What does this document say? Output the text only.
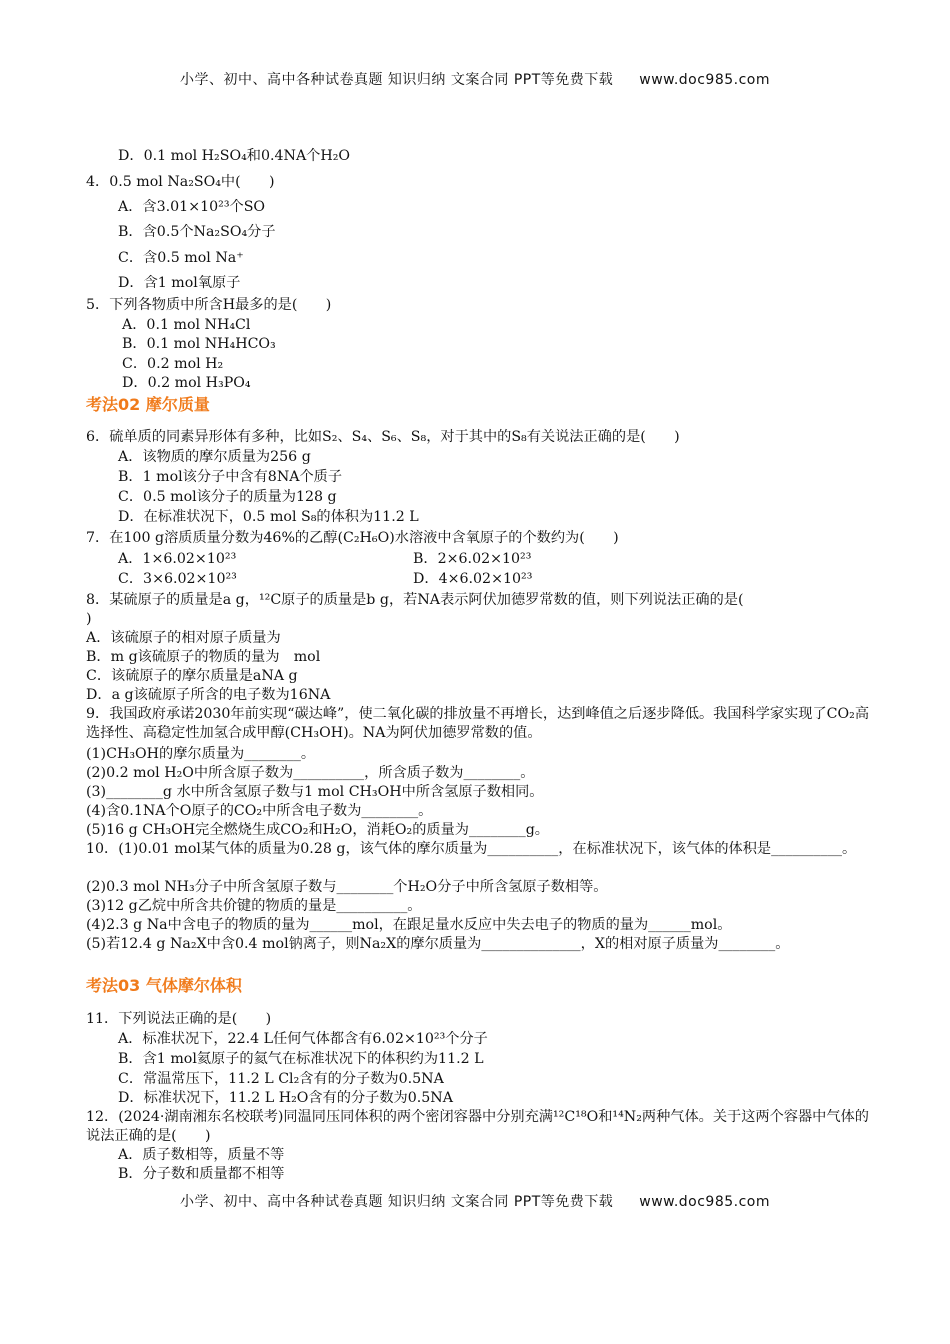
小学、初中、高中各种试卷真题 知识归纳 文案合同 PPT等免费下载 www.doc985.com
D．0.1 mol H₂SO₄和0.4NA个H₂O
4．0.5 mol Na₂SO₄中(　　)
A．含3.01×10²³个SO
B．含0.5个Na₂SO₄分子
C．含0.5 mol Na⁺
D．含1 mol氧原子
5．下列各物质中所含H最多的是(　　)
A．0.1 mol NH₄Cl
B．0.1 mol NH₄HCO₃
C．0.2 mol H₂
D．0.2 mol H₃PO₄
考法02 摩尔质量
6．硫单质的同素异形体有多种，比如S₂、S₄、S₆、S₈，对于其中的S₈有关说法正确的是(　　)
A．该物质的摩尔质量为256 g
B．1 mol该分子中含有8NA个质子
C．0.5 mol该分子的质量为128 g
D．在标准状况下，0.5 mol S₈的体积为11.2 L
7．在100 g溶质质量分数为46%的乙醇(C₂H₆O)水溶液中含氧原子的个数约为(　　)
A．1×6.02×10²³	B．2×6.02×10²³
C．3×6.02×10²³	D．4×6.02×10²³
8．某硫原子的质量是a g，¹²C原子的质量是b g，若NA表示阿伏加德罗常数的值，则下列说法正确的是(
)
A．该硫原子的相对原子质量为
B．m g该硫原子的物质的量为　mol
C．该硫原子的摩尔质量是aNA g
D．a g该硫原子所含的电子数为16NA
9．我国政府承诺2030年前实现“碳达峰”，使二氧化碳的排放量不再增长，达到峰值之后逐步降低。我国科学家实现了CO₂高选择性、高稳定性加氢合成甲醇(CH₃OH)。NA为阿伏加德罗常数的值。
(1)CH₃OH的摩尔质量为________。
(2)0.2 mol H₂O中所含原子数为__________，所含质子数为________。
(3)________g 水中所含氢原子数与1 mol CH₃OH中所含氢原子数相同。
(4)含0.1NA个O原子的CO₂中所含电子数为________。
(5)16 g CH₃OH完全燃烧生成CO₂和H₂O，消耗O₂的质量为________g。
10．(1)0.01 mol某气体的质量为0.28 g，该气体的摩尔质量为__________，在标准状况下，该气体的体积是__________。
(2)0.3 mol NH₃分子中所含氢原子数与________个H₂O分子中所含氢原子数相等。
(3)12 g乙烷中所含共价键的物质的量是__________。
(4)2.3 g Na中含电子的物质的量为______mol，在跟足量水反应中失去电子的物质的量为______mol。
(5)若12.4 g Na₂X中含0.4 mol钠离子，则Na₂X的摩尔质量为______________，X的相对原子质量为________。
考法03 气体摩尔体积
11．下列说法正确的是(　　)
A．标准状况下，22.4 L任何气体都含有6.02×10²³个分子
B．含1 mol氦原子的氦气在标准状况下的体积约为11.2 L
C．常温常压下，11.2 L Cl₂含有的分子数为0.5NA
D．标准状况下，11.2 L H₂O含有的分子数为0.5NA
12．(2024·湖南湘东名校联考)同温同压同体积的两个密闭容器中分别充满¹²C¹⁸O和¹⁴N₂两种气体。关于这两个容器中气体的说法正确的是(　　)
A．质子数相等，质量不等
B．分子数和质量都不相等
小学、初中、高中各种试卷真题 知识归纳 文案合同 PPT等免费下载 www.doc985.com
